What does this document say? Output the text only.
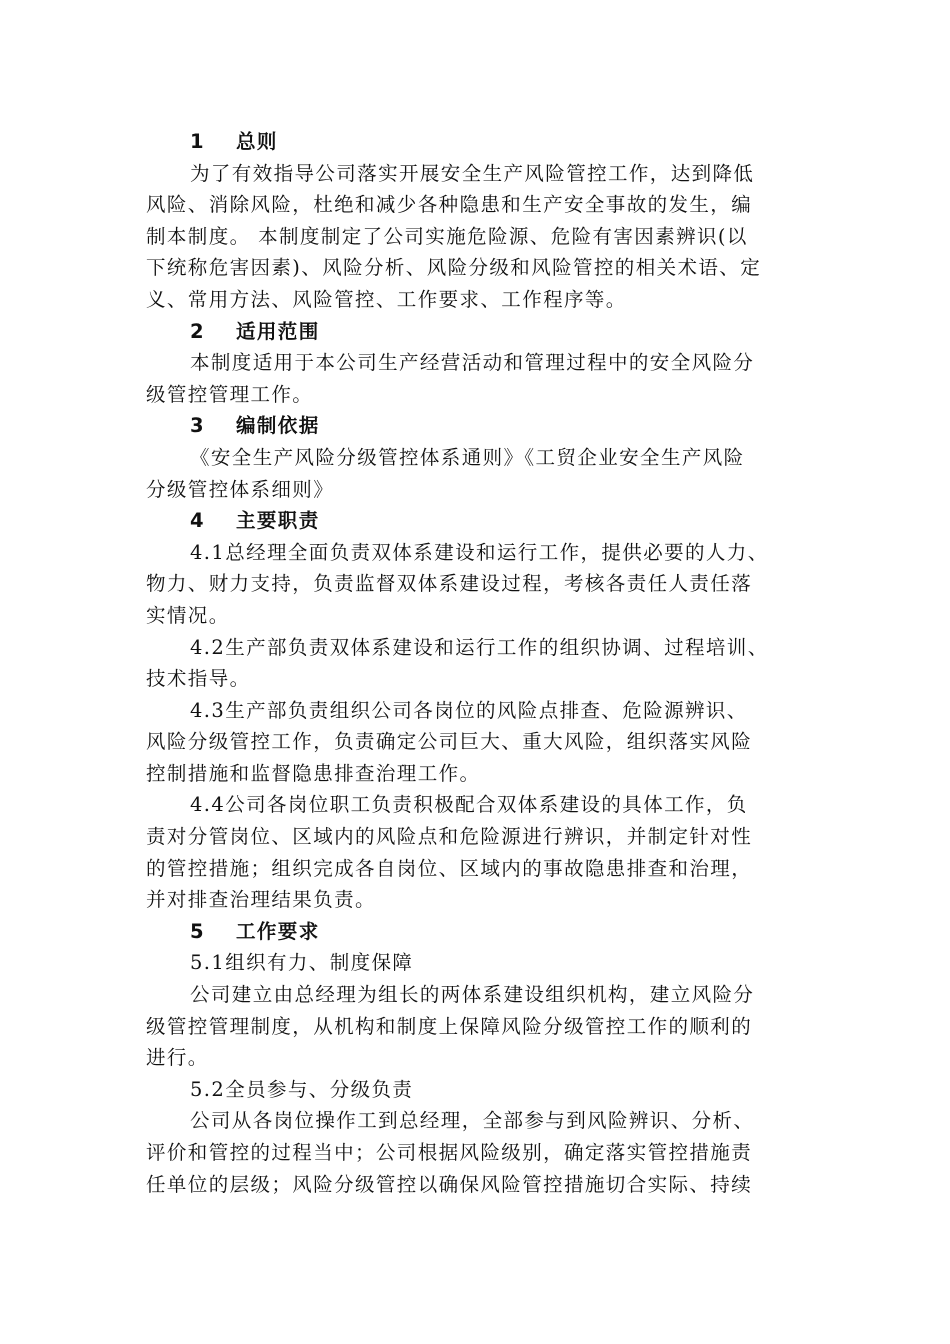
1 总则
为了有效指导公司落实开展安全生产风险管控工作，达到降低
风险、消除风险，杜绝和减少各种隐患和生产安全事故的发生，编
制本制度。 本制度制定了公司实施危险源、危险有害因素辨识(以
下统称危害因素)、风险分析、风险分级和风险管控的相关术语、定
义、常用方法、风险管控、工作要求、工作程序等。
2 适用范围
本制度适用于本公司生产经营活动和管理过程中的安全风险分
级管控管理工作。
3 编制依据
《安全生产风险分级管控体系通则》《工贸企业安全生产风险
分级管控体系细则》
4 主要职责
4.1总经理全面负责双体系建设和运行工作，提供必要的人力、
物力、财力支持，负责监督双体系建设过程，考核各责任人责任落
实情况。
4.2生产部负责双体系建设和运行工作的组织协调、过程培训、
技术指导。
4.3生产部负责组织公司各岗位的风险点排查、危险源辨识、
风险分级管控工作，负责确定公司巨大、重大风险，组织落实风险
控制措施和监督隐患排查治理工作。
4.4公司各岗位职工负责积极配合双体系建设的具体工作，负
责对分管岗位、区域内的风险点和危险源进行辨识，并制定针对性
的管控措施；组织完成各自岗位、区域内的事故隐患排查和治理，
并对排查治理结果负责。
5 工作要求
5.1组织有力、制度保障
公司建立由总经理为组长的两体系建设组织机构，建立风险分
级管控管理制度，从机构和制度上保障风险分级管控工作的顺利的
进行。
5.2全员参与、分级负责
公司从各岗位操作工到总经理，全部参与到风险辨识、分析、
评价和管控的过程当中；公司根据风险级别，确定落实管控措施责
任单位的层级；风险分级管控以确保风险管控措施切合实际、持续
